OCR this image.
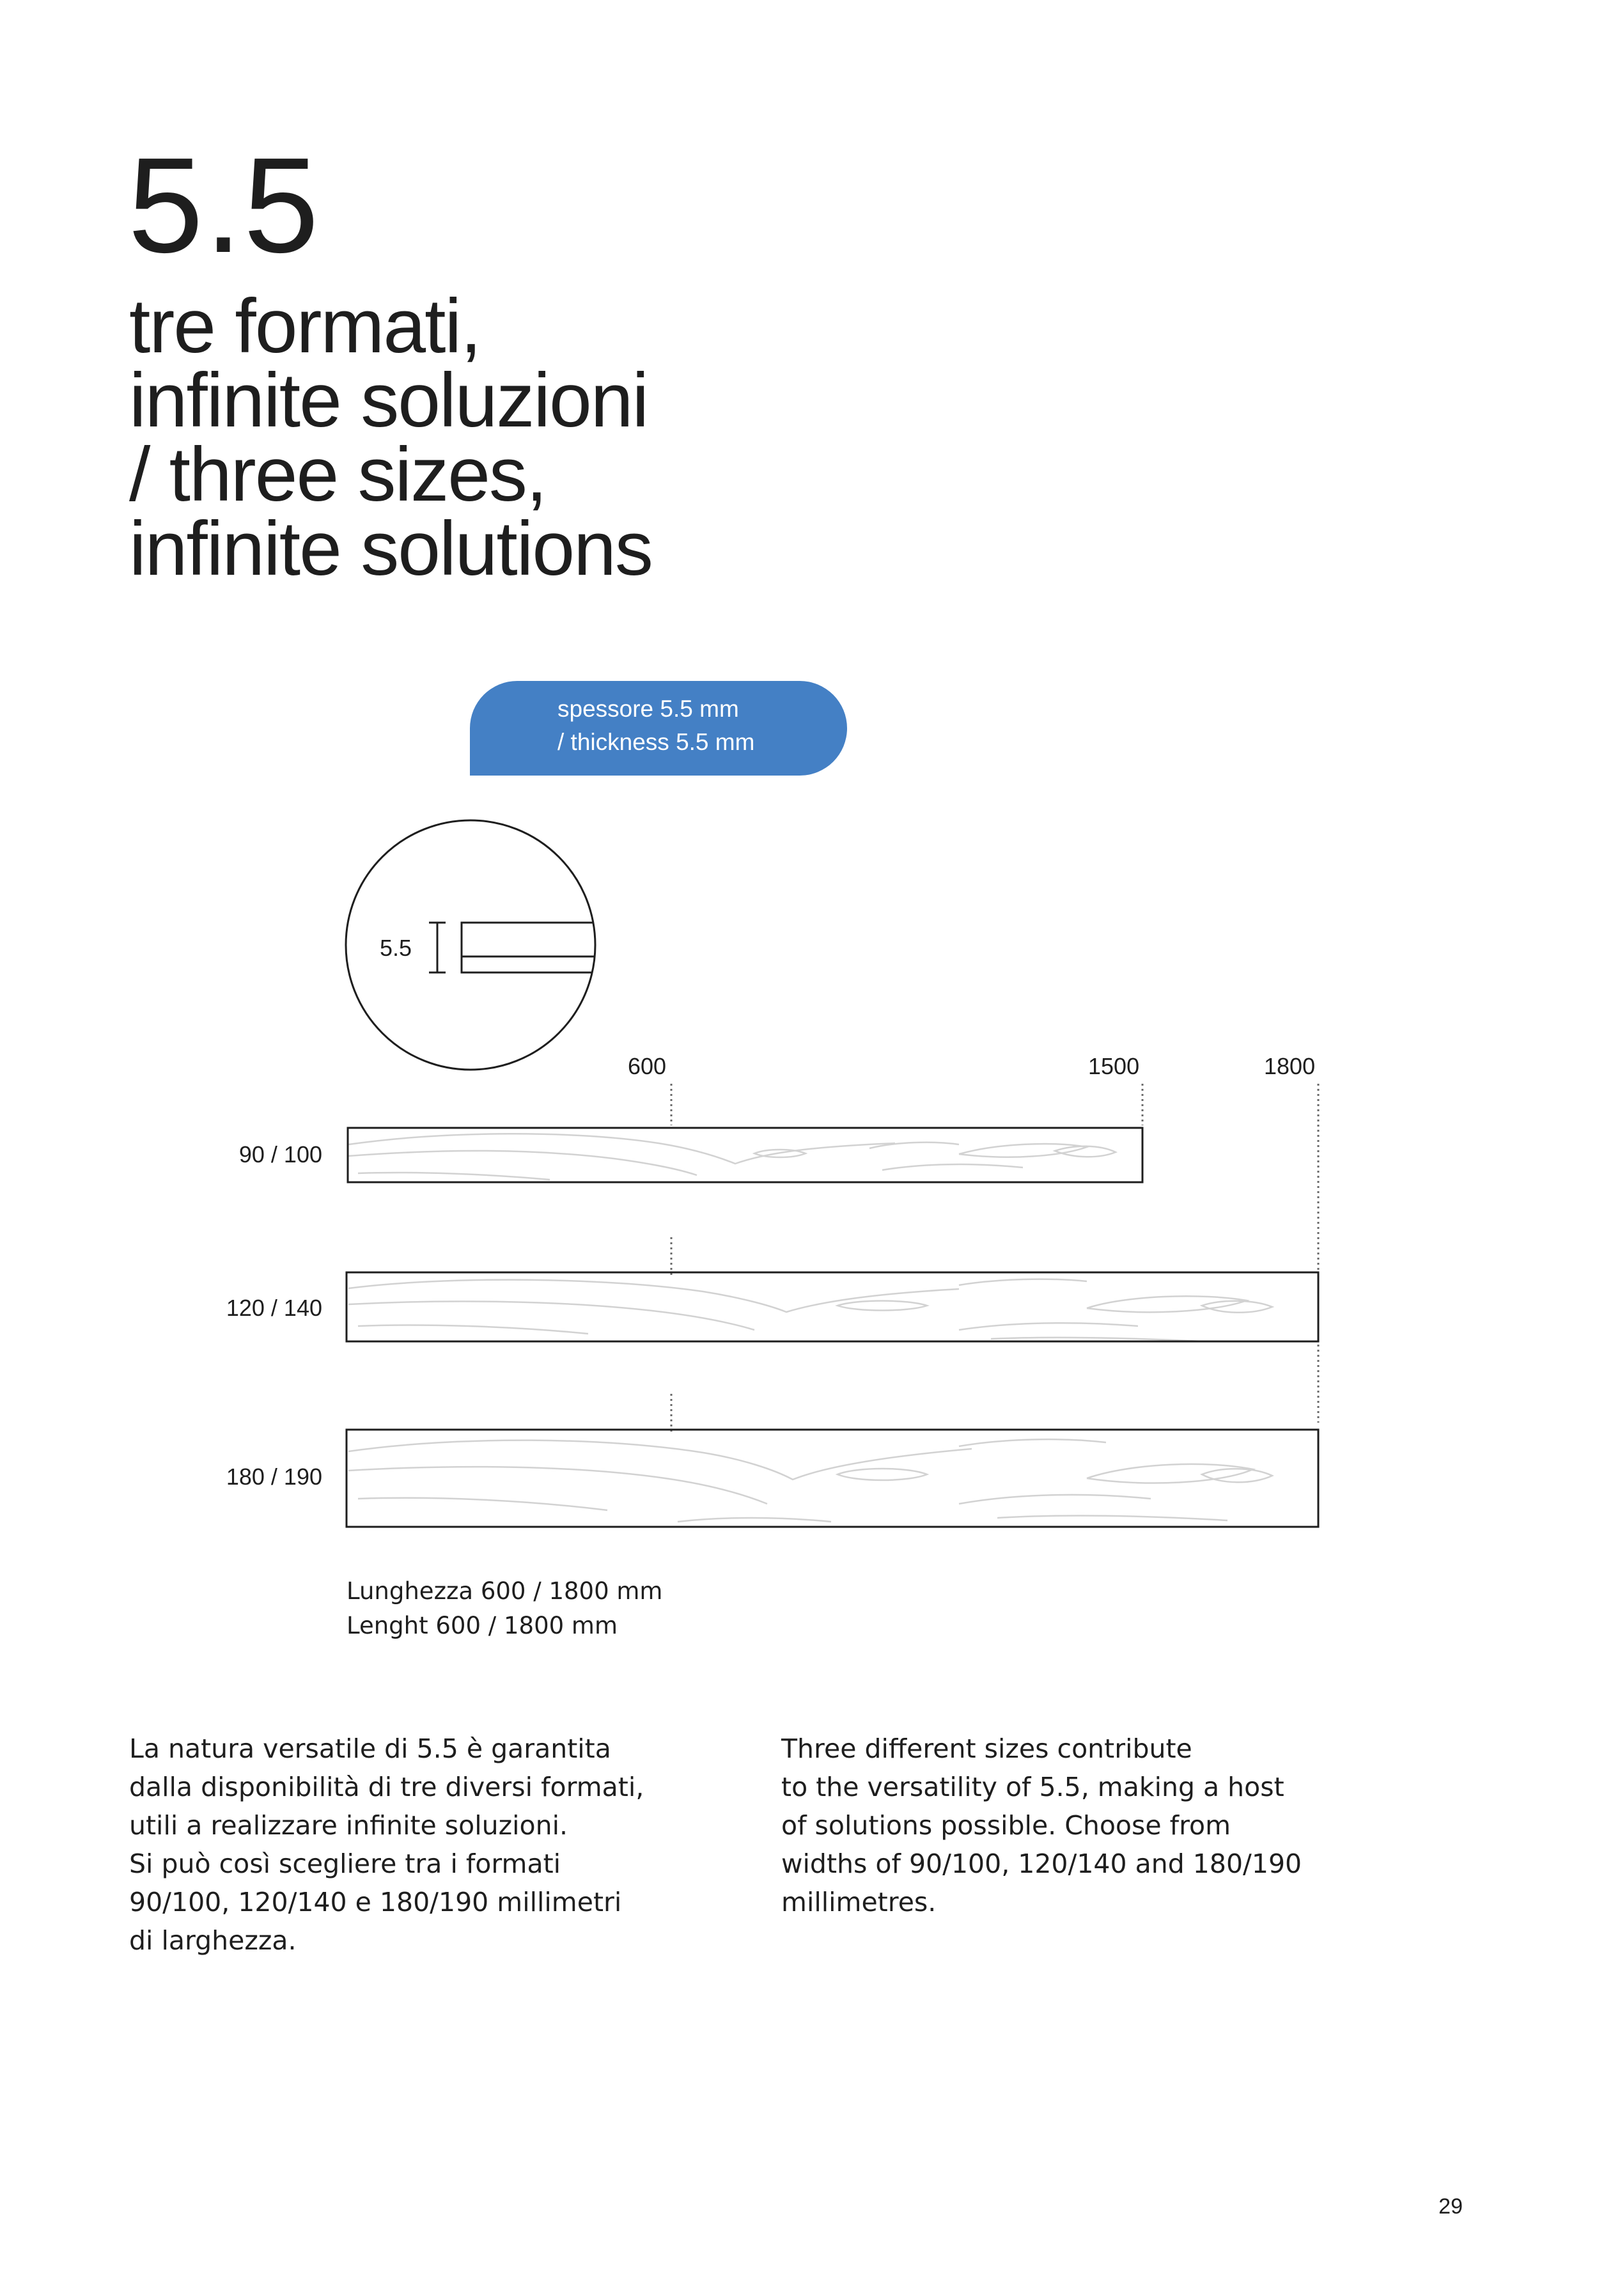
5.5
tre formati,
infinite soluzioni
/ three sizes,
infinite solutions
spessore 5.5 mm
/ thickness 5.5 mm
5.5
600	1500	1800
90 / 100
120 / 140
180 / 190
Lunghezza 600 / 1800 mm
Lenght 600 / 1800 mm
La natura versatile di 5.5 è garantita
dalla disponibilità di tre diversi formati,
utili a realizzare infinite soluzioni.
Si può così scegliere tra i formati
90/100, 120/140 e 180/190 millimetri
di larghezza.
Three different sizes contribute
to the versatility of 5.5, making a host
of solutions possible. Choose from
widths of 90/100, 120/140 and 180/190
millimetres.
29
